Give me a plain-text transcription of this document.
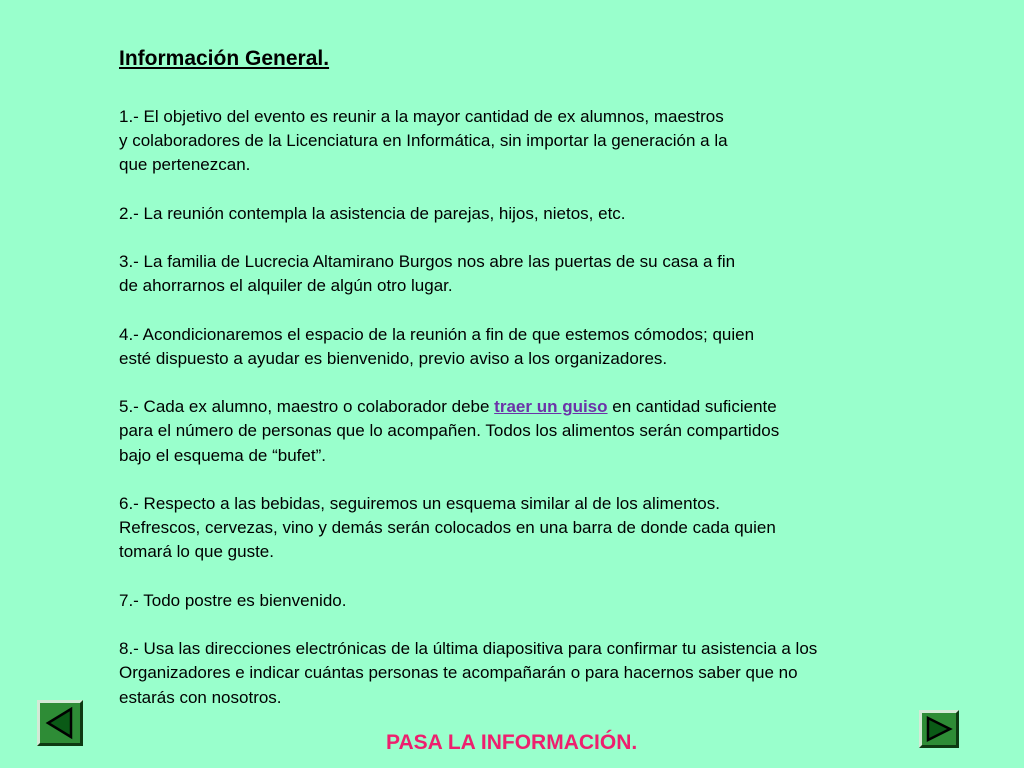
Información General.
1.- El objetivo del evento es reunir a la mayor cantidad de ex alumnos, maestros
y colaboradores de la Licenciatura en Informática, sin importar la generación a la
que pertenezcan.
2.- La reunión contempla la asistencia de parejas, hijos, nietos, etc.
3.- La familia de Lucrecia Altamirano Burgos nos abre las puertas de su casa a fin
de ahorrarnos el alquiler de algún otro lugar.
4.- Acondicionaremos el espacio de la reunión a fin de que estemos cómodos; quien
esté dispuesto a ayudar es bienvenido, previo aviso a los organizadores.
5.- Cada ex alumno, maestro o colaborador debe traer un guiso en cantidad suficiente
para el número de personas que lo acompañen. Todos los alimentos serán compartidos
bajo el esquema de “bufet”.
6.- Respecto a las bebidas, seguiremos un esquema similar al de los alimentos.
Refrescos, cervezas, vino y demás serán colocados en una barra de donde cada quien
tomará lo que guste.
7.- Todo postre es bienvenido.
8.- Usa las direcciones electrónicas de la última diapositiva para confirmar tu asistencia a los
Organizadores e indicar cuántas personas te acompañarán o para hacernos saber que no
estarás con nosotros.
PASA LA INFORMACIÓN.
